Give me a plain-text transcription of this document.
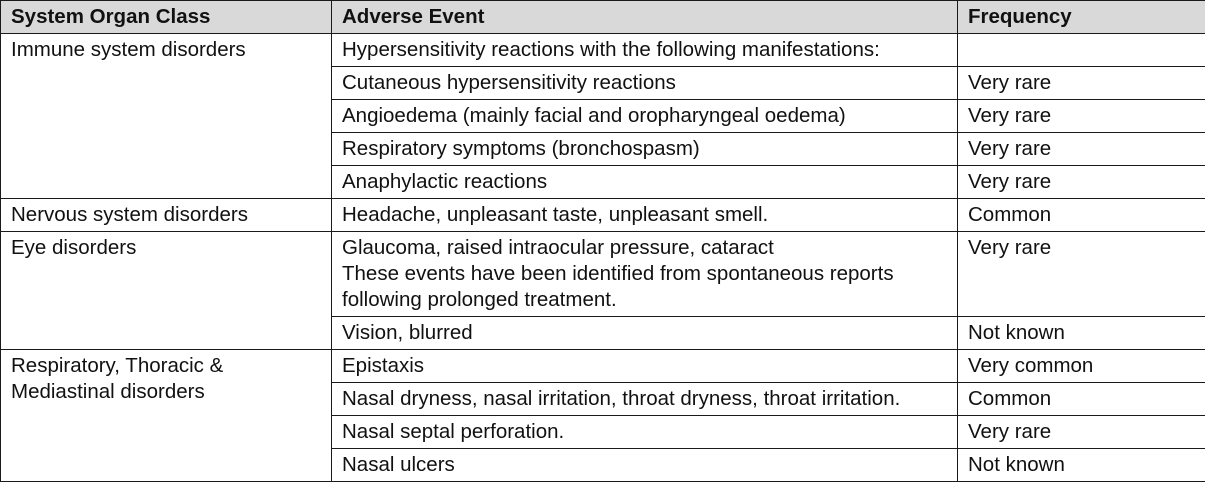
System Organ Class	Adverse Event	Frequency

Immune system disorders	Hypersensitivity reactions with the following manifestations:	

	Cutaneous hypersensitivity reactions	Very rare

	Angioedema (mainly facial and oropharyngeal oedema)	Very rare

	Respiratory symptoms (bronchospasm)	Very rare

	Anaphylactic reactions	Very rare

Nervous system disorders	Headache, unpleasant taste, unpleasant smell.	Common

Eye disorders	Glaucoma, raised intraocular pressure, cataract
These events have been identified from spontaneous reports
following prolonged treatment.	Very rare

	Vision, blurred	Not known

Respiratory, Thoracic &
Mediastinal disorders	Epistaxis	Very common

	Nasal dryness, nasal irritation, throat dryness, throat irritation.	Common

	Nasal septal perforation.	Very rare

	Nasal ulcers	Not known
